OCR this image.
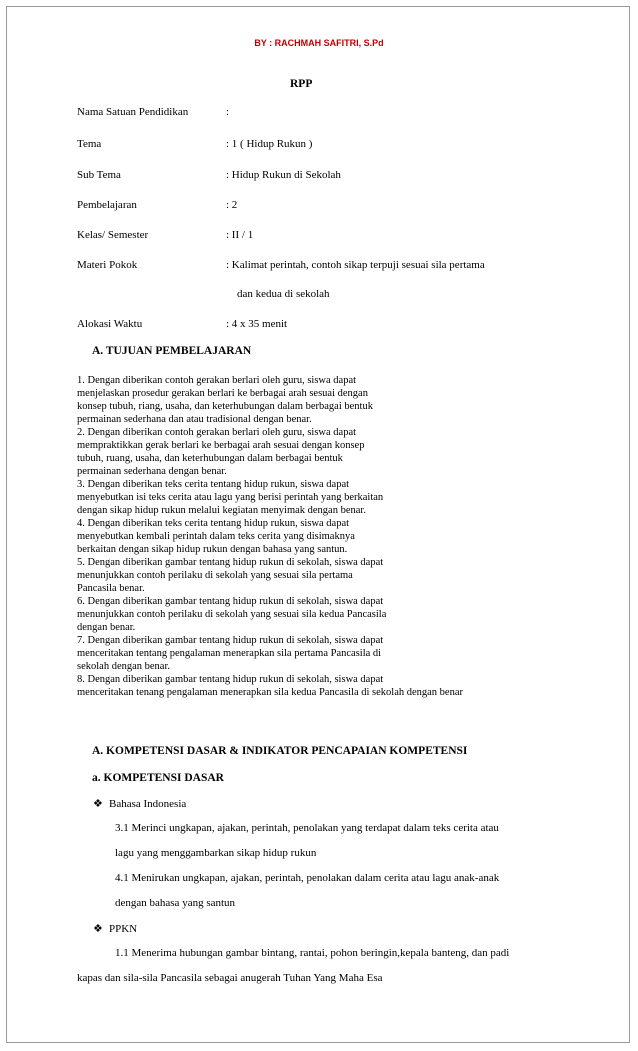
BY : RACHMAH SAFITRI, S.Pd
RPP
Nama Satuan Pendidikan	:
Tema	: 1 ( Hidup Rukun )
Sub Tema	: Hidup Rukun di Sekolah
Pembelajaran	: 2
Kelas/ Semester	: II / 1
Materi Pokok	: Kalimat perintah, contoh sikap terpuji sesuai sila pertama
dan kedua di sekolah
Alokasi Waktu	: 4 x 35 menit
A. TUJUAN PEMBELAJARAN
1. Dengan diberikan contoh gerakan berlari oleh guru, siswa dapat
menjelaskan prosedur gerakan berlari ke berbagai arah sesuai dengan
konsep tubuh, riang, usaha, dan keterhubungan dalam berbagai bentuk
permainan sederhana dan atau tradisional dengan benar.
2. Dengan diberikan contoh gerakan berlari oleh guru, siswa dapat
mempraktikkan gerak berlari ke berbagai arah sesuai dengan konsep
tubuh, ruang, usaha, dan keterhubungan dalam berbagai bentuk
permainan sederhana dengan benar.
3. Dengan diberikan teks cerita tentang hidup rukun, siswa dapat
menyebutkan isi teks cerita atau lagu yang berisi perintah yang berkaitan
dengan sikap hidup rukun melalui kegiatan menyimak dengan benar.
4. Dengan diberikan teks cerita tentang hidup rukun, siswa dapat
menyebutkan kembali perintah dalam teks cerita yang disimaknya
berkaitan dengan sikap hidup rukun dengan bahasa yang santun.
5. Dengan diberikan gambar tentang hidup rukun di sekolah, siswa dapat
menunjukkan contoh perilaku di sekolah yang sesuai sila pertama
Pancasila benar.
6. Dengan diberikan gambar tentang hidup rukun di sekolah, siswa dapat
menunjukkan contoh perilaku di sekolah yang sesuai sila kedua Pancasila
dengan benar.
7. Dengan diberikan gambar tentang hidup rukun di sekolah, siswa dapat
menceritakan tentang pengalaman menerapkan sila pertama Pancasila di
sekolah dengan benar.
8. Dengan diberikan gambar tentang hidup rukun di sekolah, siswa dapat
menceritakan tenang pengalaman menerapkan sila kedua Pancasila di sekolah dengan benar
A. KOMPETENSI DASAR & INDIKATOR PENCAPAIAN KOMPETENSI
a. KOMPETENSI DASAR
❖ Bahasa Indonesia
3.1 Merinci ungkapan, ajakan, perintah, penolakan yang terdapat dalam teks cerita atau
lagu yang menggambarkan sikap hidup rukun
4.1 Menirukan ungkapan, ajakan, perintah, penolakan dalam cerita atau lagu anak-anak
dengan bahasa yang santun
❖ PPKN
1.1 Menerima hubungan gambar bintang, rantai, pohon beringin,kepala banteng, dan padi
kapas dan sila-sila Pancasila sebagai anugerah Tuhan Yang Maha Esa
